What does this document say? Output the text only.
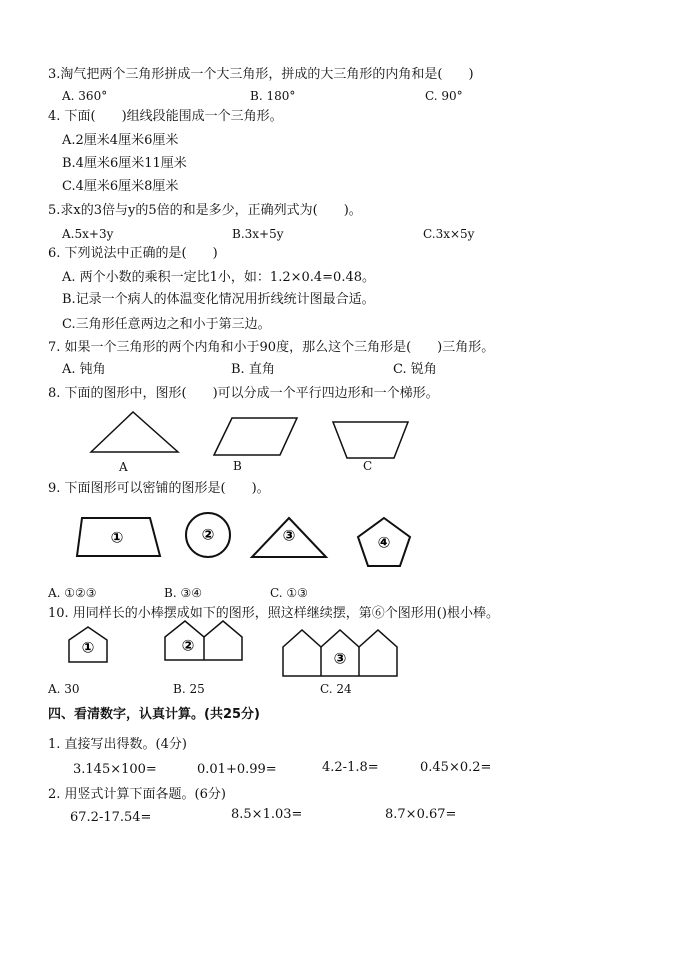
3.淘气把两个三角形拼成一个大三角形，拼成的大三角形的内角和是(　　)
A. 360°	B. 180°	C. 90°
4. 下面(　　)组线段能围成一个三角形。
A.2厘米4厘米6厘米
B.4厘米6厘米11厘米
C.4厘米6厘米8厘米
5.求x的3倍与y的5倍的和是多少，正确列式为(　　)。
A.5x+3y	B.3x+5y	C.3x×5y
6. 下列说法中正确的是(　　)
A. 两个小数的乘积一定比1小，如：1.2×0.4=0.48。
B.记录一个病人的体温变化情况用折线统计图最合适。
C.三角形任意两边之和小于第三边。
7. 如果一个三角形的两个内角和小于90度，那么这个三角形是(　　)三角形。
A. 钝角	B. 直角	C. 锐角
8. 下面的图形中，图形(　　)可以分成一个平行四边形和一个梯形。
A	B	C
9. 下面图形可以密铺的图形是(　　)。
①	②	③	④
A. ①②③	B. ③④	C. ①③
10. 用同样长的小棒摆成如下的图形，照这样继续摆，第⑥个图形用()根小棒。
①	②
③
A. 30	B. 25	C. 24
四、看清数字，认真计算。(共25分)
1. 直接写出得数。(4分)
3.145×100=	0.01+0.99=	4.2-1.8=	0.45×0.2=
2. 用竖式计算下面各题。(6分)
67.2-17.54=	8.5×1.03=	8.7×0.67=
